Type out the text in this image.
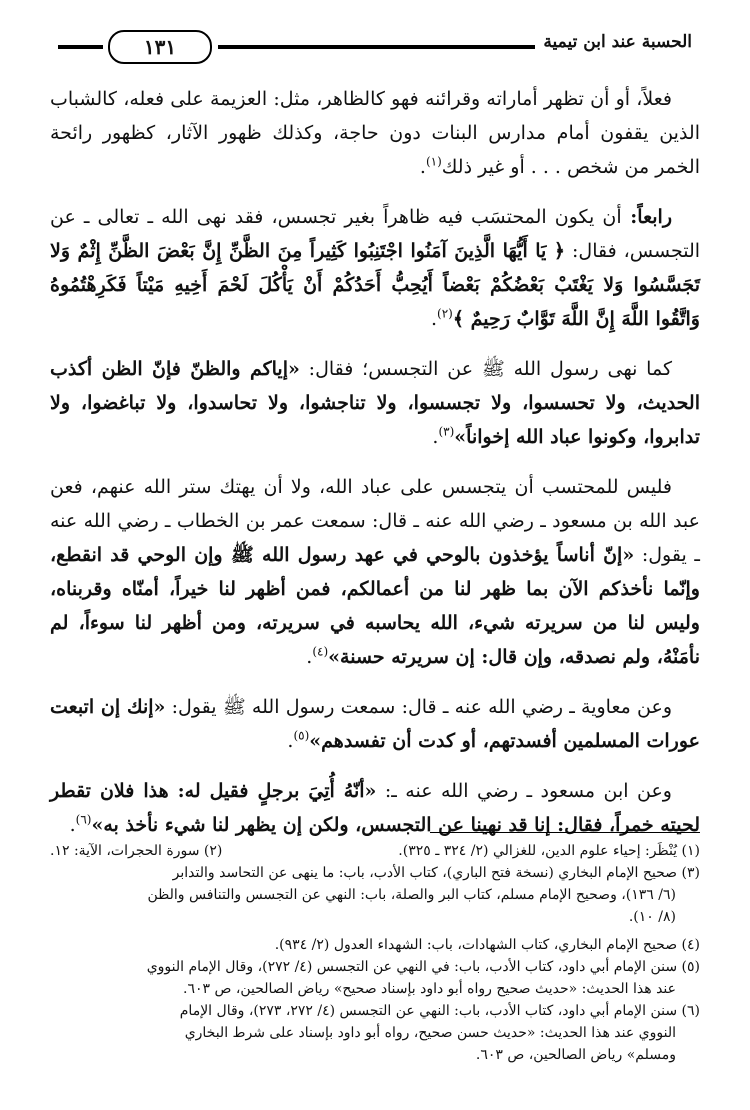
١٣١	الحسبة عند ابن تيمية

فعلاً، أو أن تظهر أماراته وقرائنه فهو كالظاهر، مثل: العزيمة على فعله، كالشباب الذين يقفون أمام مدارس البنات دون حاجة، وكذلك ظهور الآثار، كظهور رائحة الخمر من شخص . . . أو غير ذلك$^{(١)}$.

رابعاً: أن يكون المحتسَب فيه ظاهراً بغير تجسس، فقد نهى الله ـ تعالى ـ عن التجسس، فقال: ﴿ يَا أَيُّهَا الَّذِينَ آمَنُوا اجْتَنِبُوا كَثِيراً مِنَ الظَّنِّ إِنَّ بَعْضَ الظَّنِّ إِثْمٌ وَلا تَجَسَّسُوا وَلا يَغْتَبْ بَعْضُكُمْ بَعْضاً أَيُحِبُّ أَحَدُكُمْ أَنْ يَأْكُلَ لَحْمَ أَخِيهِ مَيْتاً فَكَرِهْتُمُوهُ وَاتَّقُوا اللَّهَ إِنَّ اللَّهَ تَوَّابٌ رَحِيمٌ ﴾$^{(٢)}$.

كما نهى رسول الله ﷺ عن التجسس؛ فقال: «إياكم والظنّ فإنّ الظن أكذب الحديث، ولا تحسسوا، ولا تجسسوا، ولا تناجشوا، ولا تحاسدوا، ولا تباغضوا، ولا تدابروا، وكونوا عباد الله إخواناً»$^{(٣)}$.

فليس للمحتسب أن يتجسس على عباد الله، ولا أن يهتك ستر الله عنهم، فعن عبد الله بن مسعود ـ رضي الله عنه ـ قال: سمعت عمر بن الخطاب ـ رضي الله عنه ـ يقول: «إنّ أناساً يؤخذون بالوحي في عهد رسول الله ﷺ وإن الوحي قد انقطع، وإنّما نأخذكم الآن بما ظهر لنا من أعمالكم، فمن أظهر لنا خيراً، أمنّاه وقربناه، وليس لنا من سريرته شيء، الله يحاسبه في سريرته، ومن أظهر لنا سوءاً، لم نأمَنْهُ، ولم نصدقه، وإن قال: إن سريرته حسنة»$^{(٤)}$.

وعن معاوية ـ رضي الله عنه ـ قال: سمعت رسول الله ﷺ يقول: «إنك إن اتبعت عورات المسلمين أفسدتهم، أو كدت أن تفسدهم»$^{(٥)}$.

وعن ابن مسعود ـ رضي الله عنه ـ: «أنّهُ أُتِيَ برجلٍ فقيل له: هذا فلان تقطر لحيته خمراً، فقال: إنا قد نهينا عن التجسس، ولكن إن يظهر لنا شيء نأخذ به»$^{(٦)}$.

(١) يُنْظَر: إحياء علوم الدين، للغزالي (٢/ ٣٢٤ ـ ٣٢٥).

(٢) سورة الحجرات، الآية: ١٢.

(٣) صحيح الإمام البخاري (نسخة فتح الباري)، كتاب الأدب، باب: ما ينهى عن التحاسد والتدابر

(٦/ ١٣٦)، وصحيح الإمام مسلم، كتاب البر والصلة، باب: النهي عن التجسس والتنافس والظن

(٨/ ١٠).

(٤) صحيح الإمام البخاري، كتاب الشهادات، باب: الشهداء العدول (٢/ ٩٣٤).

(٥) سنن الإمام أبي داود، كتاب الأدب، باب: في النهي عن التجسس (٤/ ٢٧٢)، وقال الإمام النووي

عند هذا الحديث: «حديث صحيح رواه أبو داود بإسناد صحيح» رياض الصالحين، ص ٦٠٣.

(٦) سنن الإمام أبي داود، كتاب الأدب، باب: النهي عن التجسس (٤/ ٢٧٢، ٢٧٣)، وقال الإمام

النووي عند هذا الحديث: «حديث حسن صحيح، رواه أبو داود بإسناد على شرط البخاري

ومسلم» رياض الصالحين، ص ٦٠٣.
